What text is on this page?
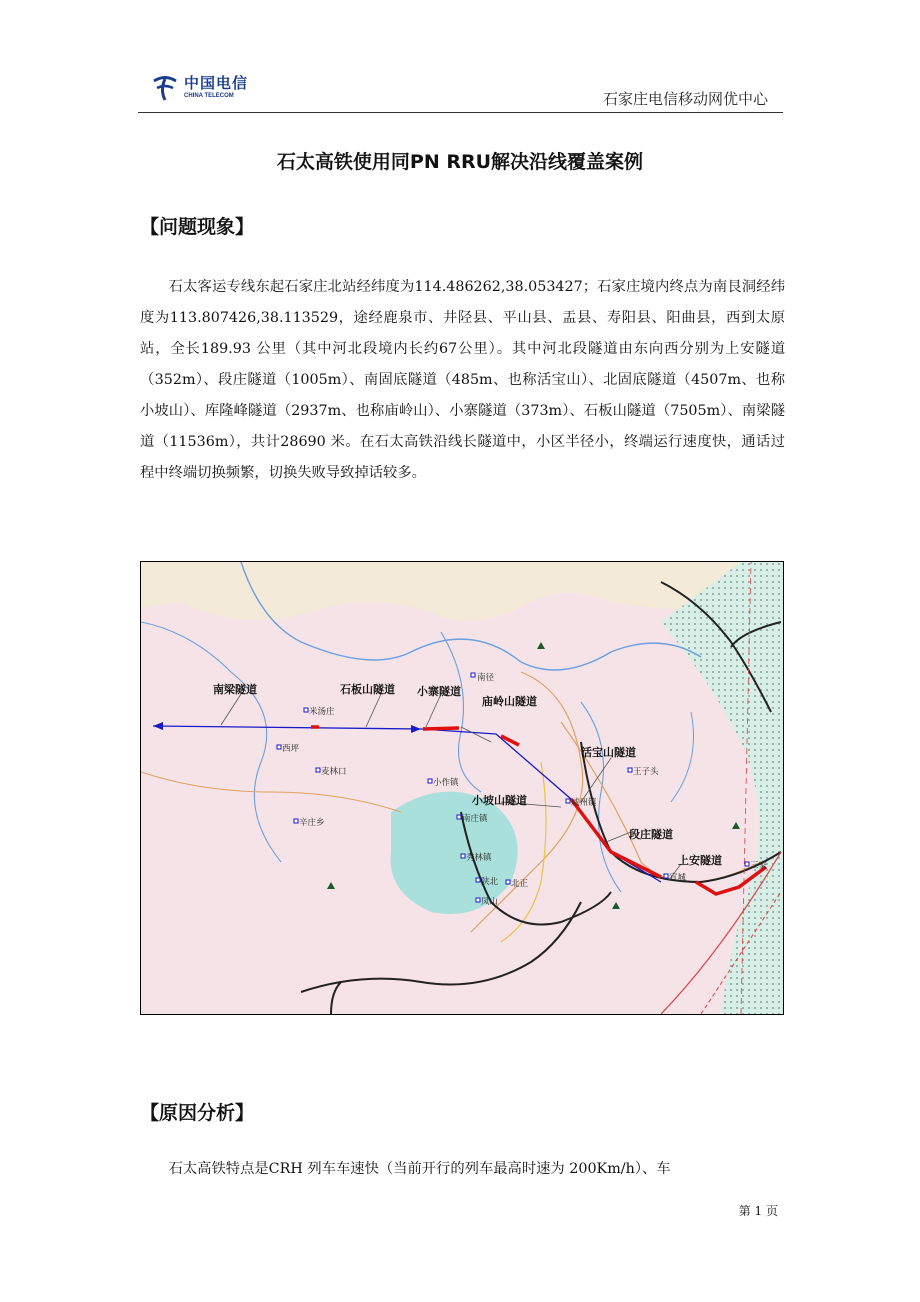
中国电信
CHINA TELECOM	石家庄电信移动网优中心
石太高铁使用同PN RRU解决沿线覆盖案例
【问题现象】

石太客运专线东起石家庄北站经纬度为114.486262,38.053427；石家庄境内终点为南艮洞经纬度为113.807426,38.113529，途经鹿泉市、井陉县、平山县、盂县、寿阳县、阳曲县，西到太原站，全长189.93 公里（其中河北段境内长约67公里）。其中河北段隧道由东向西分别为上安隧道（352m）、段庄隧道（1005m）、南固底隧道（485m、也称活宝山）、北固底隧道（4507m、也称小坡山）、库隆峰隧道（2937m、也称庙岭山）、小寨隧道（373m）、石板山隧道（7505m）、南梁隧道（11536m），共计28690 米。在石太高铁沿线长隧道中，小区半径小，终端运行速度快，通话过程中终端切换频繁，切换失败导致掉话较多。

南梁隧道	石板山隧道 小寨隧道
庙岭山隧道
活宝山隧道
小坡山隧道
段庄隧道
上安隧道
南径
米汤庄
西坪
麦林口
辛庄乡
小作镇
南庄镇
威州镇
王子头
秀林镇
陕北 北正
凤山
宣城
三家
【原因分析】

石太高铁特点是CRH 列车车速快（当前开行的列车最高时速为 200Km/h）、车

第 1 页
